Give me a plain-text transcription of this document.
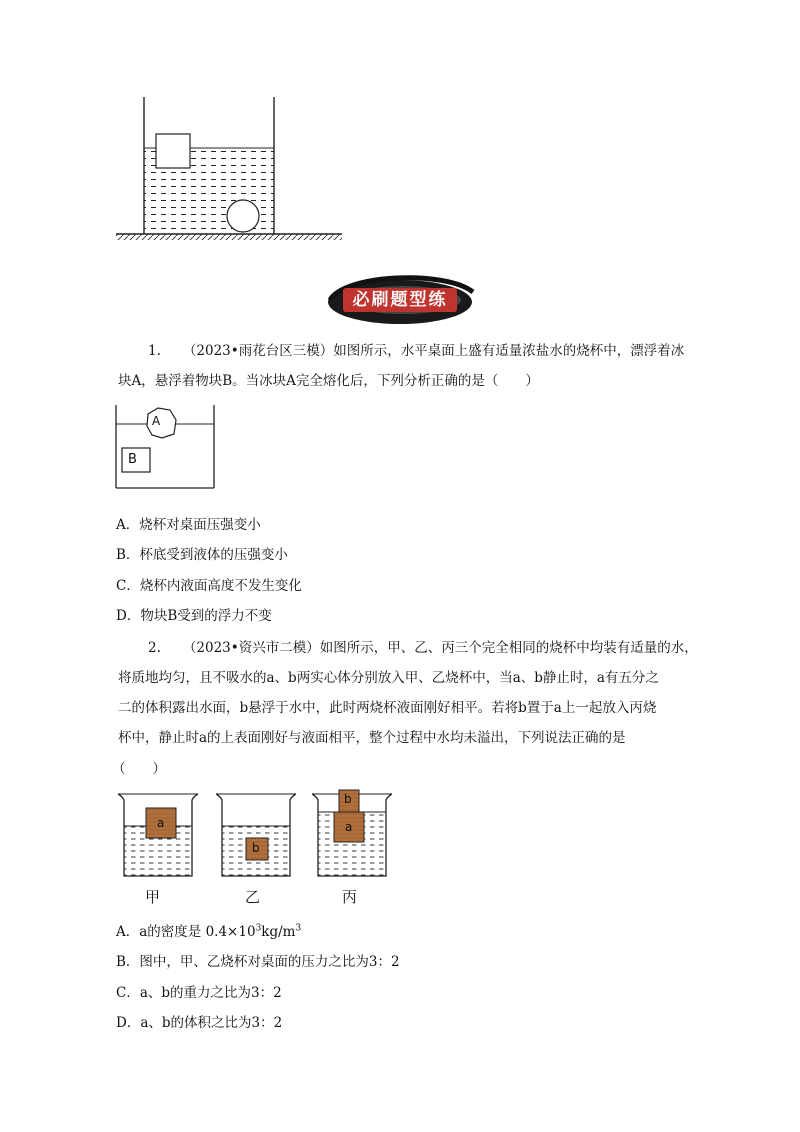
必刷题型练
1. （2023•雨花台区三模）如图所示，水平桌面上盛有适量浓盐水的烧杯中，漂浮着冰
块A，悬浮着物块B。当冰块A完全熔化后，下列分析正确的是（　　）
A
B
A．烧杯对桌面压强变小
B．杯底受到液体的压强变小
C．烧杯内液面高度不发生变化
D．物块B受到的浮力不变
2. （2023•资兴市二模）如图所示，甲、乙、丙三个完全相同的烧杯中均装有适量的水，
将质地均匀，且不吸水的a、b两实心体分别放入甲、乙烧杯中，当a、b静止时，a有五分之
二的体积露出水面，b悬浮于水中，此时两烧杯液面刚好相平。若将b置于a上一起放入丙烧
杯中，静止时a的上表面刚好与液面相平，整个过程中水均未溢出，下列说法正确的是
（　　）
a
b
b
a
甲	乙	丙
A．a的密度是 $0.4\times 10^3kg/m^3$
B．图中，甲、乙烧杯对桌面的压力之比为3：2
C．a、b的重力之比为3：2
D．a、b的体积之比为3：2
